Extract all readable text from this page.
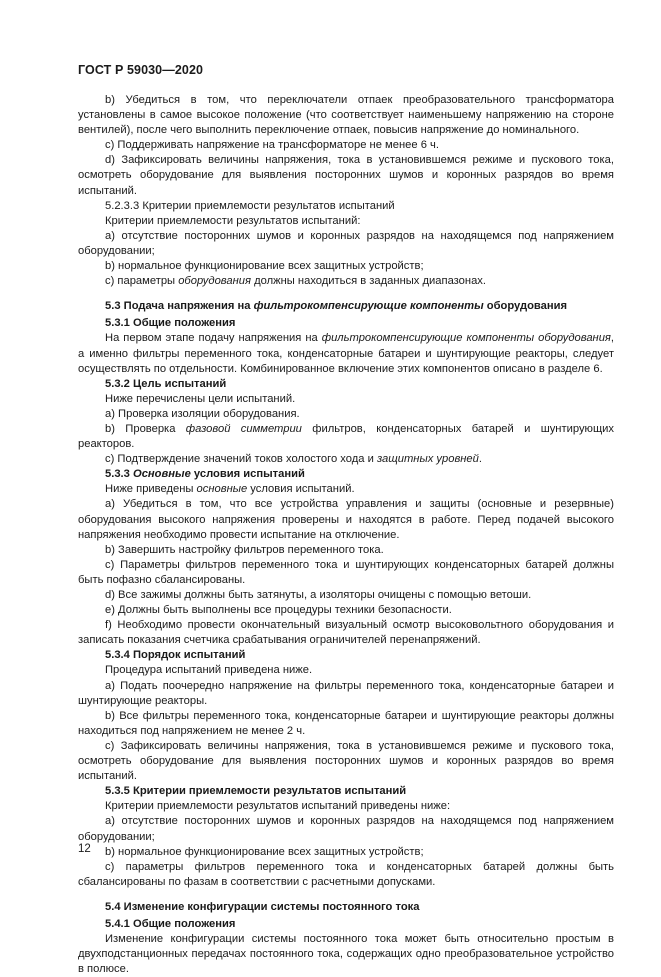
ГОСТ Р 59030—2020
b) Убедиться в том, что переключатели отпаек преобразовательного трансформатора установлены в самое высокое положение (что соответствует наименьшему напряжению на стороне вентилей), после чего выполнить переключение отпаек, повысив напряжение до номинального.
c) Поддерживать напряжение на трансформаторе не менее 6 ч.
d) Зафиксировать величины напряжения, тока в установившемся режиме и пускового тока, осмотреть оборудование для выявления посторонних шумов и коронных разрядов во время испытаний.
5.2.3.3 Критерии приемлемости результатов испытаний
Критерии приемлемости результатов испытаний:
a) отсутствие посторонних шумов и коронных разрядов на находящемся под напряжением оборудовании;
b) нормальное функционирование всех защитных устройств;
c) параметры оборудования должны находиться в заданных диапазонах.
5.3 Подача напряжения на фильтрокомпенсирующие компоненты оборудования
5.3.1 Общие положения
На первом этапе подачу напряжения на фильтрокомпенсирующие компоненты оборудования, а именно фильтры переменного тока, конденсаторные батареи и шунтирующие реакторы, следует осуществлять по отдельности. Комбинированное включение этих компонентов описано в разделе 6.
5.3.2 Цель испытаний
Ниже перечислены цели испытаний.
a) Проверка изоляции оборудования.
b) Проверка фазовой симметрии фильтров, конденсаторных батарей и шунтирующих реакторов.
c) Подтверждение значений токов холостого хода и защитных уровней.
5.3.3 Основные условия испытаний
Ниже приведены основные условия испытаний.
a) Убедиться в том, что все устройства управления и защиты (основные и резервные) оборудования высокого напряжения проверены и находятся в работе. Перед подачей высокого напряжения необходимо провести испытание на отключение.
b) Завершить настройку фильтров переменного тока.
c) Параметры фильтров переменного тока и шунтирующих конденсаторных батарей должны быть пофазно сбалансированы.
d) Все зажимы должны быть затянуты, а изоляторы очищены с помощью ветоши.
e) Должны быть выполнены все процедуры техники безопасности.
f) Необходимо провести окончательный визуальный осмотр высоковольтного оборудования и записать показания счетчика срабатывания ограничителей перенапряжений.
5.3.4 Порядок испытаний
Процедура испытаний приведена ниже.
a) Подать поочередно напряжение на фильтры переменного тока, конденсаторные батареи и шунтирующие реакторы.
b) Все фильтры переменного тока, конденсаторные батареи и шунтирующие реакторы должны находиться под напряжением не менее 2 ч.
c) Зафиксировать величины напряжения, тока в установившемся режиме и пускового тока, осмотреть оборудование для выявления посторонних шумов и коронных разрядов во время испытаний.
5.3.5 Критерии приемлемости результатов испытаний
Критерии приемлемости результатов испытаний приведены ниже:
a) отсутствие посторонних шумов и коронных разрядов на находящемся под напряжением оборудовании;
b) нормальное функционирование всех защитных устройств;
c) параметры фильтров переменного тока и конденсаторных батарей должны быть сбалансированы по фазам в соответствии с расчетными допусками.
5.4 Изменение конфигурации системы постоянного тока
5.4.1 Общие положения
Изменение конфигурации системы постоянного тока может быть относительно простым в двухподстанционных передачах постоянного тока, содержащих одно преобразовательное устройство в полюсе.
12
